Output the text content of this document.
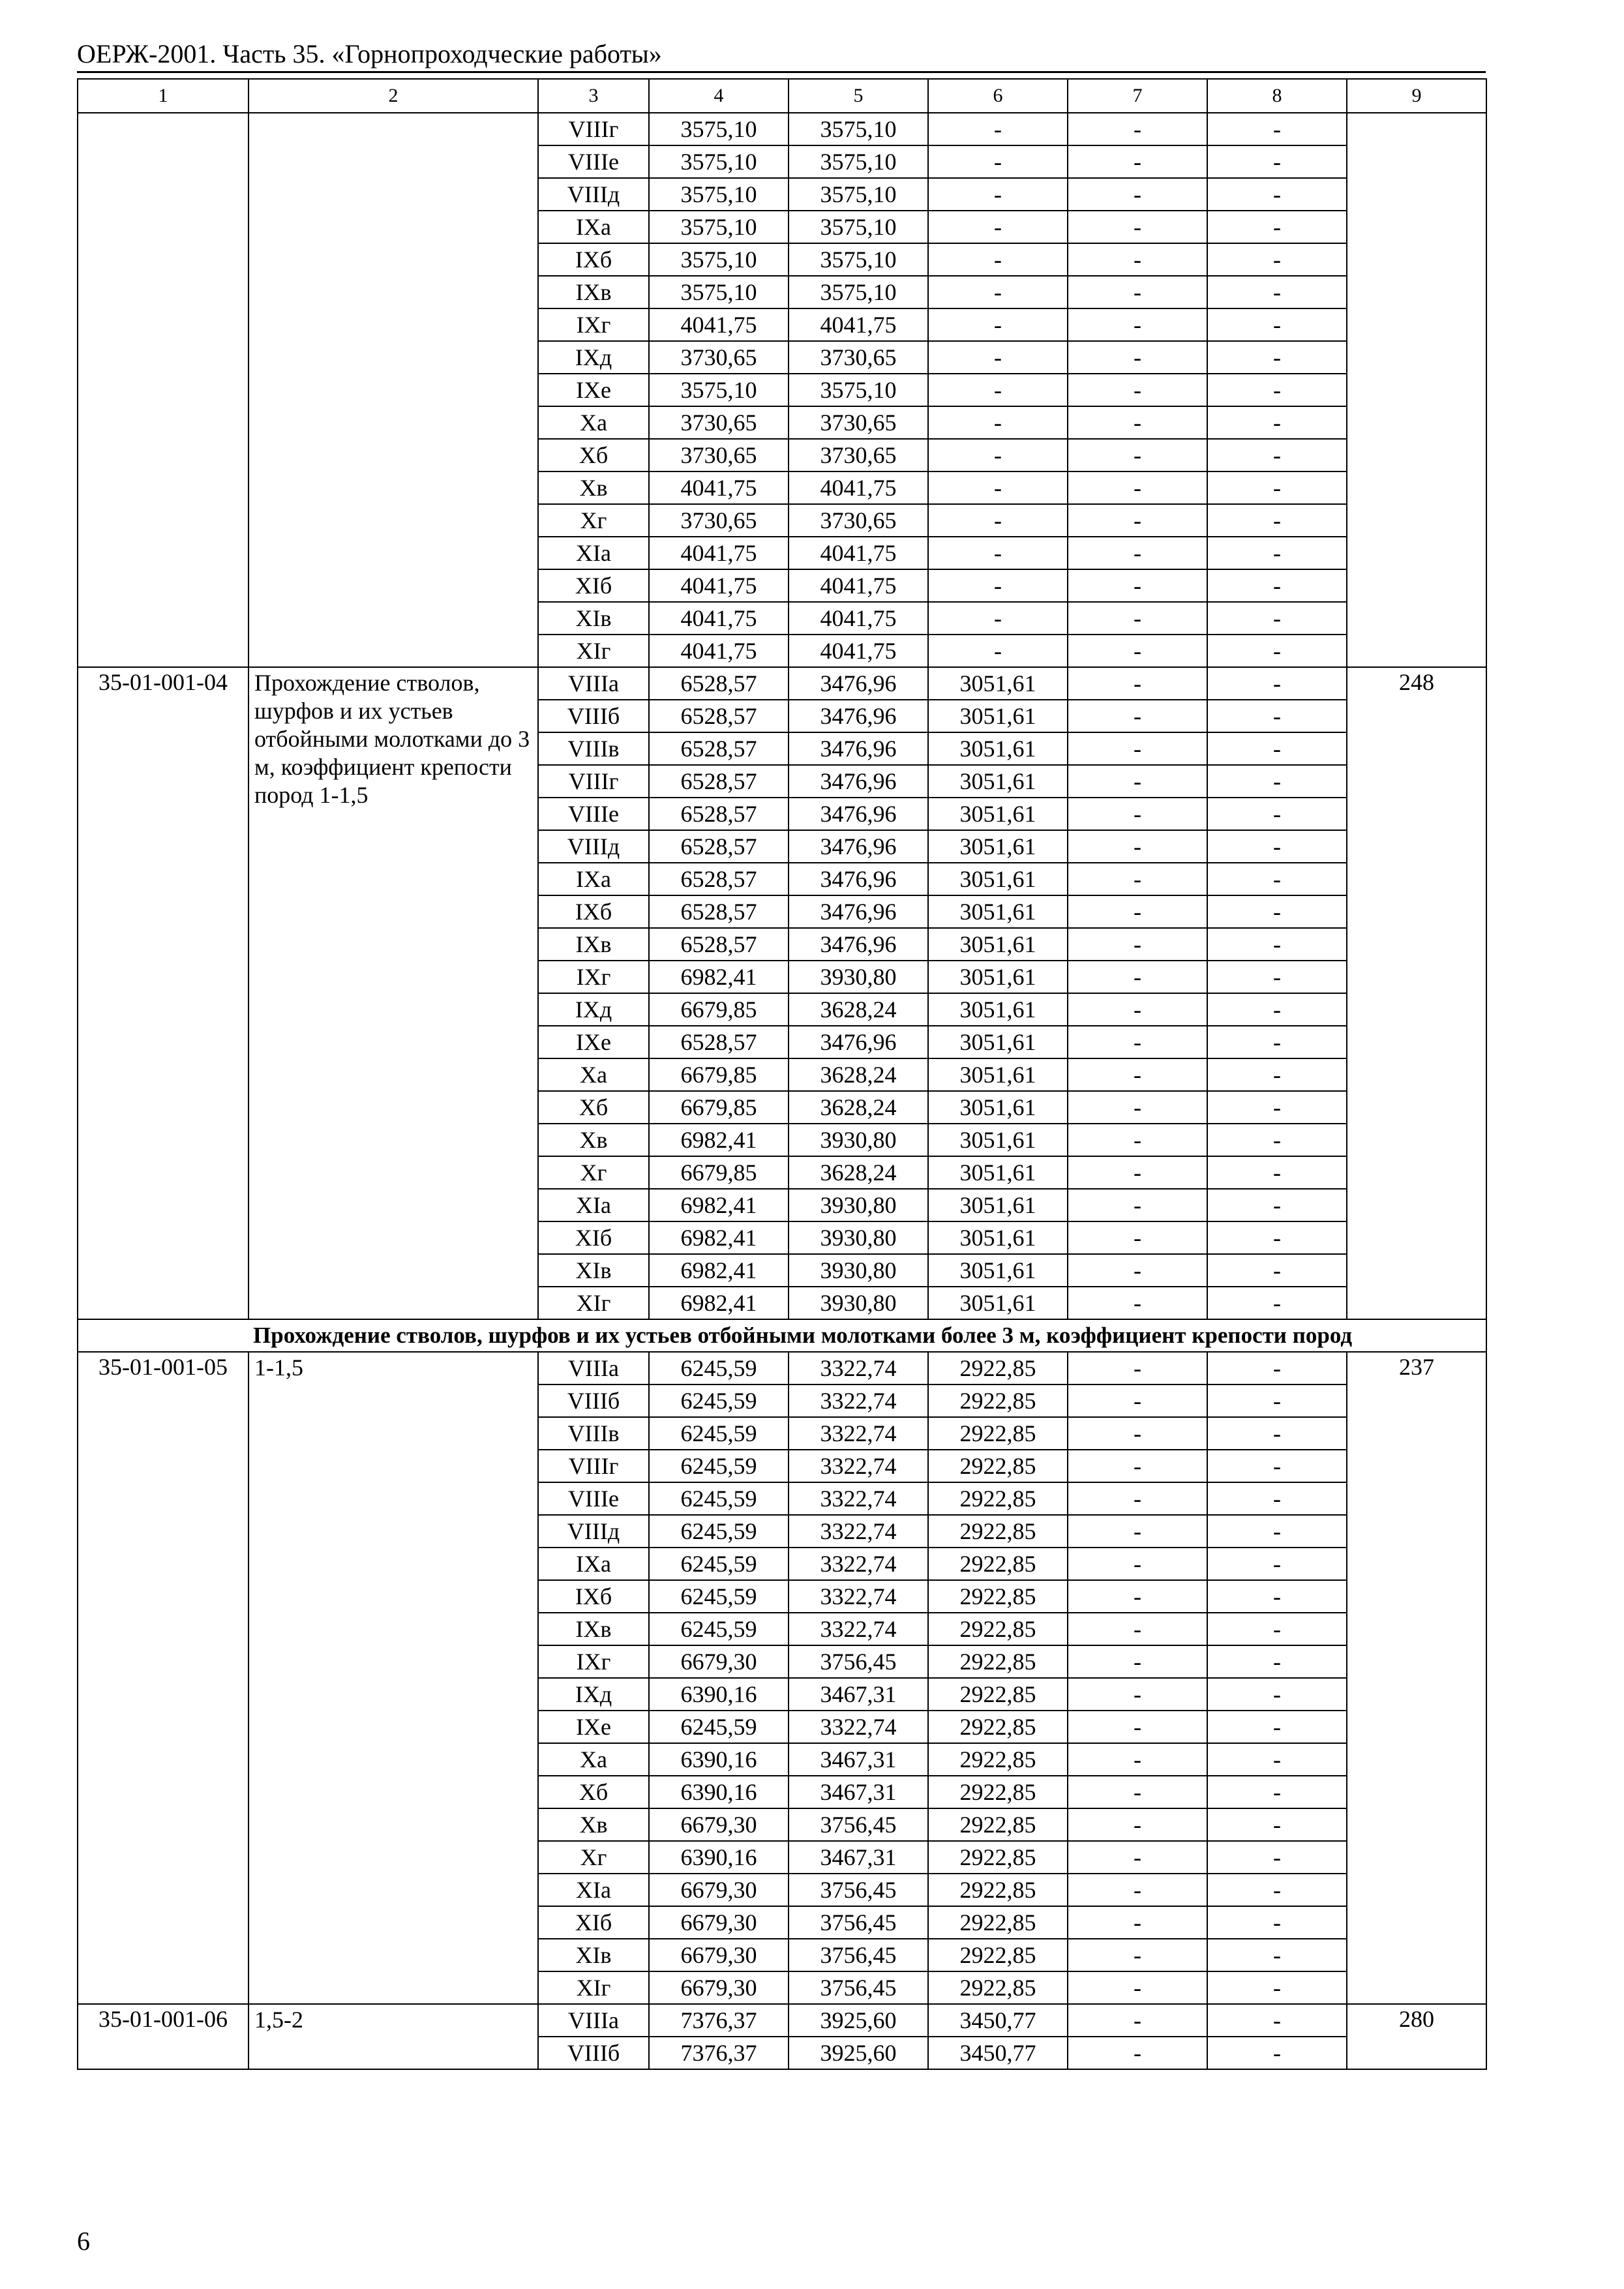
ОЕРЖ-2001. Часть 35. «Горнопроходческие работы»
1	2	3	4	5	6	7	8	9
		VIIIг	3575,10	3575,10	-	-	-	
		VIIIе	3575,10	3575,10	-	-	-	
		VIIIд	3575,10	3575,10	-	-	-	
		IXа	3575,10	3575,10	-	-	-	
		IXб	3575,10	3575,10	-	-	-	
		IXв	3575,10	3575,10	-	-	-	
		IXг	4041,75	4041,75	-	-	-	
		IXд	3730,65	3730,65	-	-	-	
		IXе	3575,10	3575,10	-	-	-	
		Xа	3730,65	3730,65	-	-	-	
		Xб	3730,65	3730,65	-	-	-	
		Xв	4041,75	4041,75	-	-	-	
		Xг	3730,65	3730,65	-	-	-	
		XIа	4041,75	4041,75	-	-	-	
		XIб	4041,75	4041,75	-	-	-	
		XIв	4041,75	4041,75	-	-	-	
		XIг	4041,75	4041,75	-	-	-	
35-01-001-04	Прохождение стволов, шурфов и их устьев отбойными молотками до 3 м, коэффициент крепости пород 1-1,5	VIIIа	6528,57	3476,96	3051,61	-	-	248
		VIIIб	6528,57	3476,96	3051,61	-	-	
		VIIIв	6528,57	3476,96	3051,61	-	-	
		VIIIг	6528,57	3476,96	3051,61	-	-	
		VIIIе	6528,57	3476,96	3051,61	-	-	
		VIIIд	6528,57	3476,96	3051,61	-	-	
		IXа	6528,57	3476,96	3051,61	-	-	
		IXб	6528,57	3476,96	3051,61	-	-	
		IXв	6528,57	3476,96	3051,61	-	-	
		IXг	6982,41	3930,80	3051,61	-	-	
		IXд	6679,85	3628,24	3051,61	-	-	
		IXе	6528,57	3476,96	3051,61	-	-	
		Xа	6679,85	3628,24	3051,61	-	-	
		Xб	6679,85	3628,24	3051,61	-	-	
		Xв	6982,41	3930,80	3051,61	-	-	
		Xг	6679,85	3628,24	3051,61	-	-	
		XIа	6982,41	3930,80	3051,61	-	-	
		XIб	6982,41	3930,80	3051,61	-	-	
		XIв	6982,41	3930,80	3051,61	-	-	
		XIг	6982,41	3930,80	3051,61	-	-	
Прохождение стволов, шурфов и их устьев отбойными молотками более 3 м, коэффициент крепости пород								
35-01-001-05	1-1,5	VIIIа	6245,59	3322,74	2922,85	-	-	237
		VIIIб	6245,59	3322,74	2922,85	-	-	
		VIIIв	6245,59	3322,74	2922,85	-	-	
		VIIIг	6245,59	3322,74	2922,85	-	-	
		VIIIе	6245,59	3322,74	2922,85	-	-	
		VIIIд	6245,59	3322,74	2922,85	-	-	
		IXа	6245,59	3322,74	2922,85	-	-	
		IXб	6245,59	3322,74	2922,85	-	-	
		IXв	6245,59	3322,74	2922,85	-	-	
		IXг	6679,30	3756,45	2922,85	-	-	
		IXд	6390,16	3467,31	2922,85	-	-	
		IXе	6245,59	3322,74	2922,85	-	-	
		Xа	6390,16	3467,31	2922,85	-	-	
		Xб	6390,16	3467,31	2922,85	-	-	
		Xв	6679,30	3756,45	2922,85	-	-	
		Xг	6390,16	3467,31	2922,85	-	-	
		XIа	6679,30	3756,45	2922,85	-	-	
		XIб	6679,30	3756,45	2922,85	-	-	
		XIв	6679,30	3756,45	2922,85	-	-	
		XIг	6679,30	3756,45	2922,85	-	-	
35-01-001-06	1,5-2	VIIIа	7376,37	3925,60	3450,77	-	-	280
		VIIIб	7376,37	3925,60	3450,77	-	-	
6
